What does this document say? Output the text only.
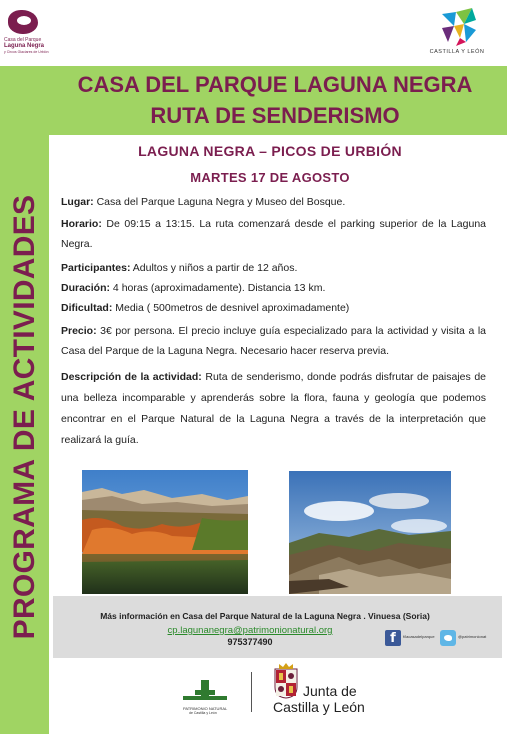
Casa del Parque
Laguna Negra
y Circos Glaciares de Urbión	CASTILLA Y LEÓN
PROGRAMA DE ACTIVIDADES
CASA DEL PARQUE LAGUNA NEGRA
RUTA DE SENDERISMO
LAGUNA NEGRA – PICOS DE URBIÓN
MARTES 17 DE AGOSTO
Lugar: Casa del Parque Laguna Negra y Museo del Bosque.
Horario: De 09:15 a 13:15. La ruta comenzará desde el parking superior de la Laguna Negra.
Participantes: Adultos y niños a partir de 12 años.
Duración: 4 horas (aproximadamente). Distancia 13 km.
Dificultad: Media ( 500metros de desnivel aproximadamente)
Precio: 3€ por persona. El precio incluye guía especializado para la actividad y visita a la Casa del Parque de la Laguna Negra. Necesario hacer reserva previa.
Descripción de la actividad: Ruta de senderismo, donde podrás disfrutar de paisajes de una belleza incomparable y aprenderás sobre la flora, fauna y geología que podemos encontrar en el Parque Natural de la Laguna Negra a través de la interpretación que realizará la guía.
Más información en Casa del Parque Natural de la Laguna Negra . Vinuesa (Soria)
cp.lagunanegra@patrimonionatural.org
975377490	f	f/lacasadelparque	@patrimonionat
PATRIMONIO NATURAL
de Castilla y León
Junta de
Castilla y León
